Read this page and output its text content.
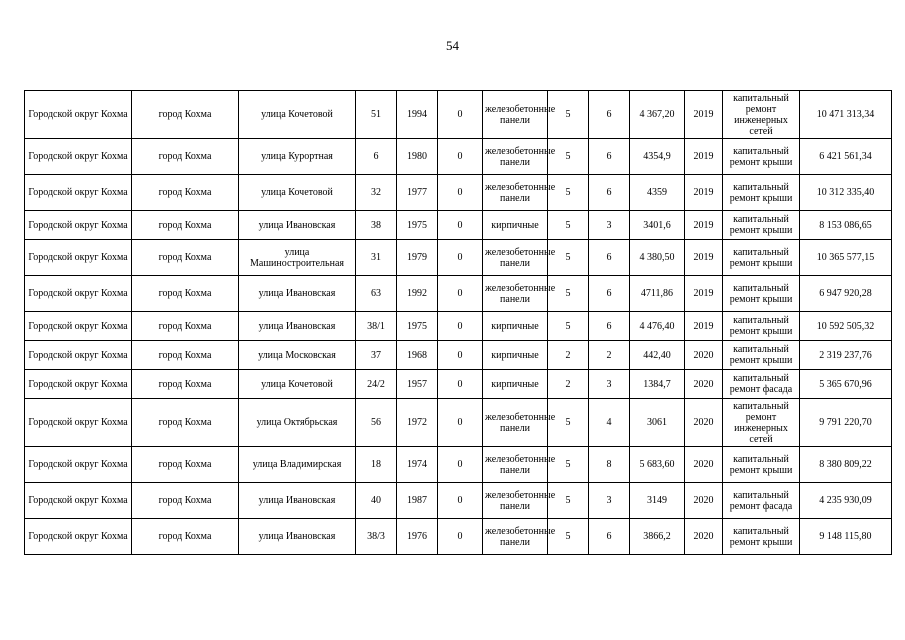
54
Городской округ Кохма	город Кохма	улица Кочетовой	51	1994	0	железобетонные панели	5	6	4 367,20	2019	капитальный ремонт инженерных сетей	10 471 313,34
Городской округ Кохма	город Кохма	улица Курортная	6	1980	0	железобетонные панели	5	6	4354,9	2019	капитальный ремонт крыши	6 421 561,34
Городской округ Кохма	город Кохма	улица Кочетовой	32	1977	0	железобетонные панели	5	6	4359	2019	капитальный ремонт крыши	10 312 335,40
Городской округ Кохма	город Кохма	улица Ивановская	38	1975	0	кирпичные	5	3	3401,6	2019	капитальный ремонт крыши	8 153 086,65
Городской округ Кохма	город Кохма	улица Машиностроительная	31	1979	0	железобетонные панели	5	6	4 380,50	2019	капитальный ремонт крыши	10 365 577,15
Городской округ Кохма	город Кохма	улица Ивановская	63	1992	0	железобетонные панели	5	6	4711,86	2019	капитальный ремонт крыши	6 947 920,28
Городской округ Кохма	город Кохма	улица Ивановская	38/1	1975	0	кирпичные	5	6	4 476,40	2019	капитальный ремонт крыши	10 592 505,32
Городской округ Кохма	город Кохма	улица Московская	37	1968	0	кирпичные	2	2	442,40	2020	капитальный ремонт крыши	2 319 237,76
Городской округ Кохма	город Кохма	улица Кочетовой	24/2	1957	0	кирпичные	2	3	1384,7	2020	капитальный ремонт фасада	5 365 670,96
Городской округ Кохма	город Кохма	улица Октябрьская	56	1972	0	железобетонные панели	5	4	3061	2020	капитальный ремонт инженерных сетей	9 791 220,70
Городской округ Кохма	город Кохма	улица Владимирская	18	1974	0	железобетонные панели	5	8	5 683,60	2020	капитальный ремонт крыши	8 380 809,22
Городской округ Кохма	город Кохма	улица Ивановская	40	1987	0	железобетонные панели	5	3	3149	2020	капитальный ремонт фасада	4 235 930,09
Городской округ Кохма	город Кохма	улица Ивановская	38/3	1976	0	железобетонные панели	5	6	3866,2	2020	капитальный ремонт крыши	9 148 115,80
